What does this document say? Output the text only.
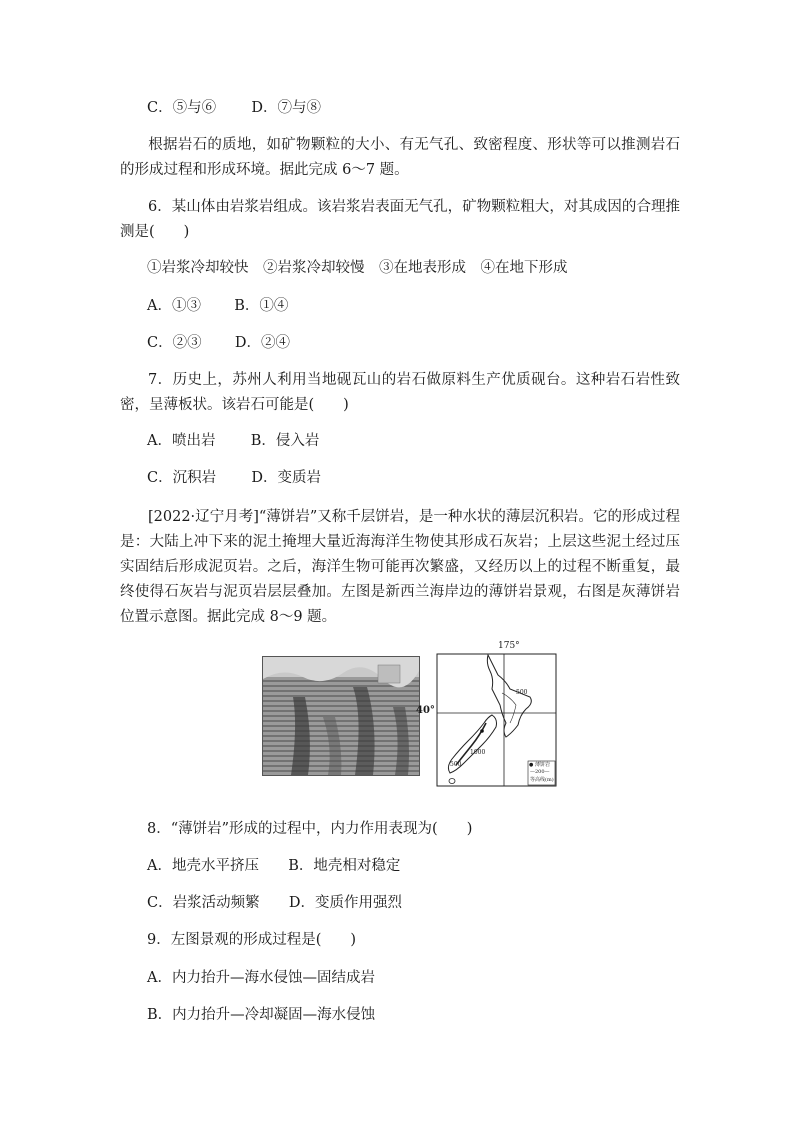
C．⑤与⑥ D．⑦与⑧
根据岩石的质地，如矿物颗粒的大小、有无气孔、致密程度、形状等可以推测岩石的形成过程和形成环境。据此完成 6～7 题。
6．某山体由岩浆岩组成。该岩浆岩表面无气孔，矿物颗粒粗大，对其成因的合理推测是(　　)
①岩浆冷却较快　②岩浆冷却较慢　③在地表形成　④在地下形成
A．①③ B．①④
C．②③ D．②④
7．历史上，苏州人利用当地砚瓦山的岩石做原料生产优质砚台。这种岩石岩性致密，呈薄板状。该岩石可能是(　　)
A．喷出岩 B．侵入岩
C．沉积岩 D．变质岩
[2022·辽宁月考]“薄饼岩”又称千层饼岩，是一种水状的薄层沉积岩。它的形成过程是：大陆上冲下来的泥土掩埋大量近海海洋生物使其形成石灰岩；上层这些泥土经过压实固结后形成泥页岩。之后，海洋生物可能再次繁盛，又经历以上的过程不断重复，最终使得石灰岩与泥页岩层层叠加。左图是新西兰海岸边的薄饼岩景观，右图是灰薄饼岩位置示意图。据此完成 8～9 题。
175°
40°
500
1000
500	● 薄饼岩
—200—
等高线(m)
8．“薄饼岩”形成的过程中，内力作用表现为(　　)
A．地壳水平挤压 B．地壳相对稳定
C．岩浆活动频繁 D．变质作用强烈
9．左图景观的形成过程是(　　)
A．内力抬升—海水侵蚀—固结成岩
B．内力抬升—冷却凝固—海水侵蚀
